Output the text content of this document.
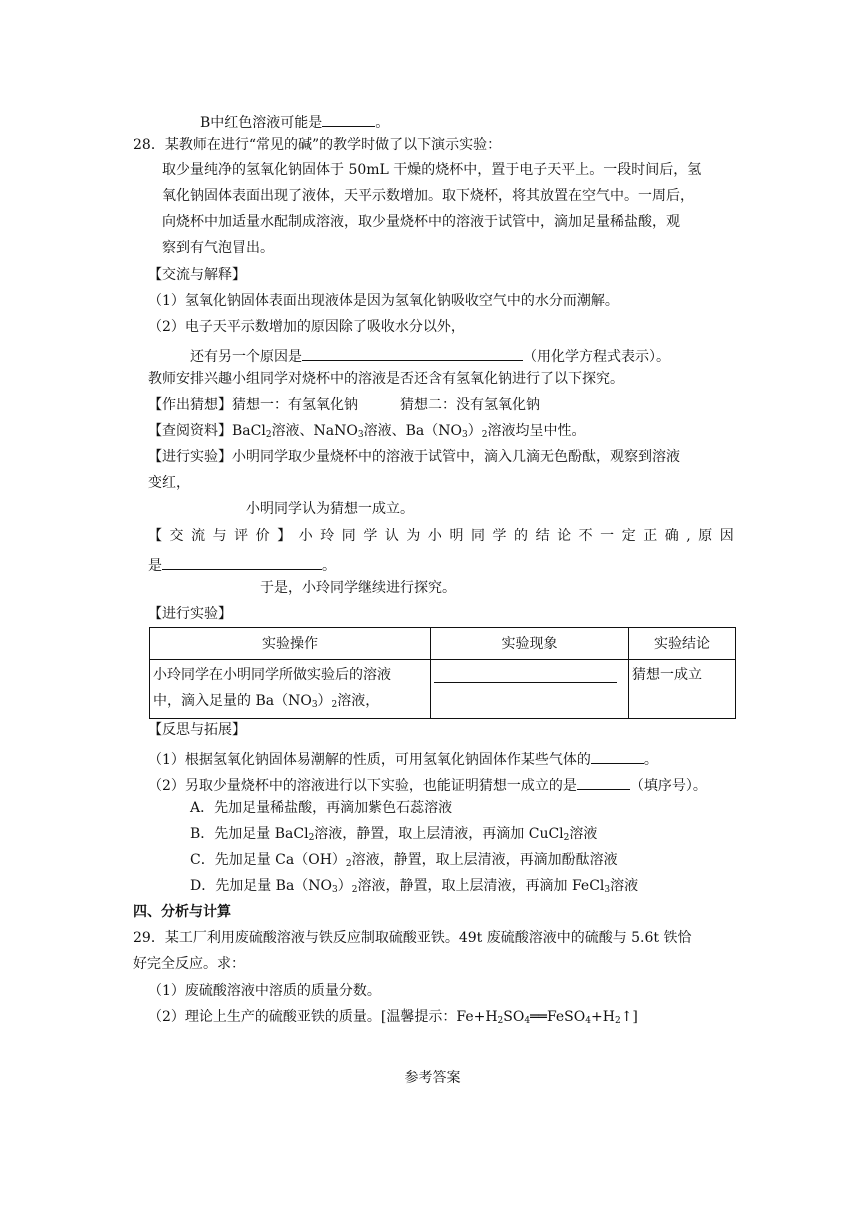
B中红色溶液可能是	。
28．某教师在进行“常见的碱”的教学时做了以下演示实验：
取少量纯净的氢氧化钠固体于 50mL 干燥的烧杯中，置于电子天平上。一段时间后，氢
氧化钠固体表面出现了液体，天平示数增加。取下烧杯，将其放置在空气中。一周后，
向烧杯中加适量水配制成溶液，取少量烧杯中的溶液于试管中，滴加足量稀盐酸，观
察到有气泡冒出。
【交流与解释】
（1）氢氧化钠固体表面出现液体是因为氢氧化钠吸收空气中的水分而潮解。
（2）电子天平示数增加的原因除了吸收水分以外，
还有另一个原因是	（用化学方程式表示）。
教师安排兴趣小组同学对烧杯中的溶液是否还含有氢氧化钠进行了以下探究。
【作出猜想】猜想一：有氢氧化钠　　　猜想二：没有氢氧化钠
【查阅资料】BaCl$_2$溶液、NaNO$_3$溶液、$Ba(NO_3)_2$溶液均呈中性。
【进行实验】小明同学取少量烧杯中的溶液于试管中，滴入几滴无色酚酞，观察到溶液
变红，
小明同学认为猜想一成立。
【 交 流 与 评 价 】 小 玲 同 学 认 为 小 明 同 学 的 结 论 不 一 定 正 确 , 原 因
是	。
于是，小玲同学继续进行探究。
【进行实验】
实验操作	实验现象	实验结论
小玲同学在小明同学所做实验后的溶液
中，滴入足量的 $Ba(NO_3)_2$溶液，		猜想一成立
【反思与拓展】
（1）根据氢氧化钠固体易潮解的性质，可用氢氧化钠固体作某些气体的	。
（2）另取少量烧杯中的溶液进行以下实验，也能证明猜想一成立的是	（填序号）。
A．先加足量稀盐酸，再滴加紫色石蕊溶液
B．先加足量 BaCl$_2$溶液，静置，取上层清液，再滴加 CuCl$_2$溶液
C．先加足量 $Ca(OH)_2$溶液，静置，取上层清液，再滴加酚酞溶液
D．先加足量 $Ba(NO_3)_2$溶液，静置，取上层清液，再滴加 FeCl$_3$溶液
四、分析与计算
29．某工厂利用废硫酸溶液与铁反应制取硫酸亚铁。49t 废硫酸溶液中的硫酸与 5.6t 铁恰
好完全反应。求：
（1）废硫酸溶液中溶质的质量分数。
（2）理论上生产的硫酸亚铁的质量。[温馨提示：$Fe+H_2SO_4══FeSO_4+H_2↑$]
参考答案
